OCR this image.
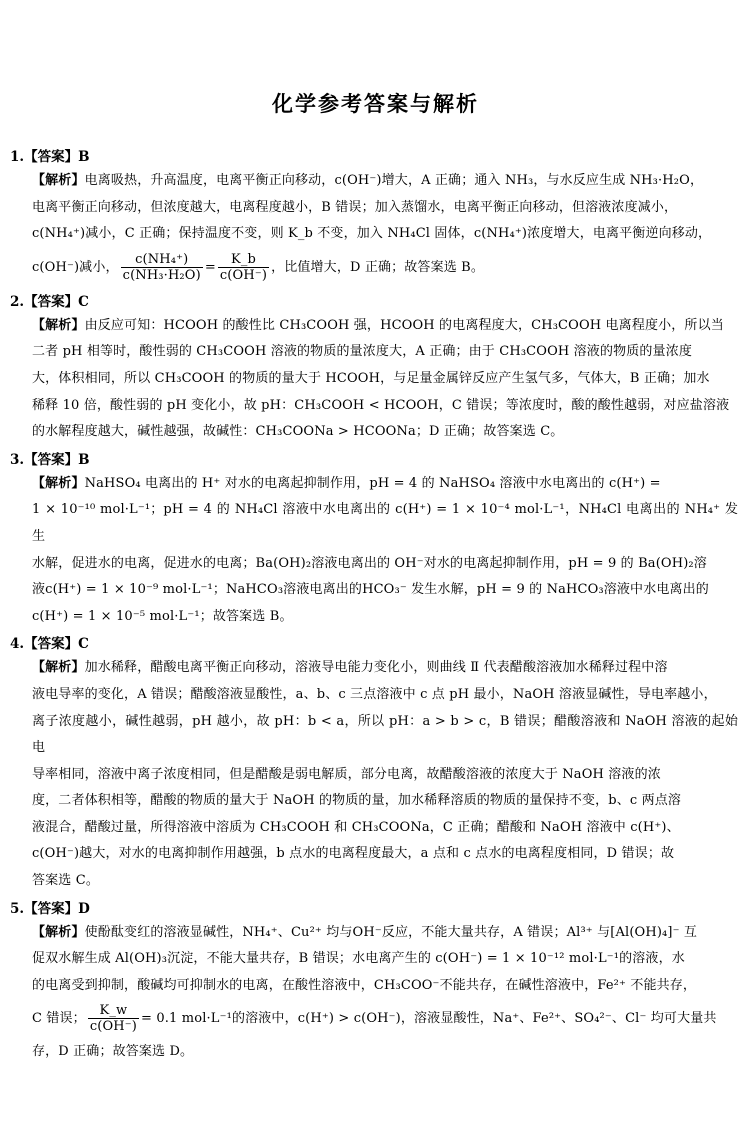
化学参考答案与解析
1.【答案】B
【解析】电离吸热，升高温度，电离平衡正向移动，c(OH⁻)增大，A 正确；通入 NH₃，与水反应生成 NH₃·H₂O，
电离平衡正向移动，但浓度越大，电离程度越小，B 错误；加入蒸馏水，电离平衡正向移动，但溶液浓度减小，
c(NH₄⁺)减小，C 正确；保持温度不变，则 K_b 不变，加入 NH₄Cl 固体，c(NH₄⁺)浓度增大，电离平衡逆向移动，
c(OH⁻)减小， $\frac{\text{c(NH₄⁺)}}{\text{c(NH₃·H₂O)}} = \frac{K\_b}{c(OH^-)}$ ，比值增大，D 正确；故答案选 B。
2.【答案】C
【解析】由反应可知：HCOOH 的酸性比 CH₃COOH 强，HCOOH 的电离程度大，CH₃COOH 电离程度小，所以当
二者 pH 相等时，酸性弱的 CH₃COOH 溶液的物质的量浓度大，A 正确；由于 CH₃COOH 溶液的物质的量浓度
大，体积相同，所以 CH₃COOH 的物质的量大于 HCOOH，与足量金属锌反应产生氢气多，气体大，B 正确；加水
稀释 10 倍，酸性弱的 pH 变化小，故 pH：CH₃COOH < HCOOH，C 错误；等浓度时，酸的酸性越弱，对应盐溶液
的水解程度越大，碱性越强，故碱性：CH₃COONa > HCOONa；D 正确；故答案选 C。
3.【答案】B
【解析】NaHSO₄ 电离出的 H⁺ 对水的电离起抑制作用，pH = 4 的 NaHSO₄ 溶液中水电离出的 c(H⁺) =
1 × 10⁻¹⁰ mol·L⁻¹；pH = 4 的 NH₄Cl 溶液中水电离出的 c(H⁺) = 1 × 10⁻⁴ mol·L⁻¹，NH₄Cl 电离出的 NH₄⁺ 发生
水解，促进水的电离，促进水的电离；Ba(OH)₂溶液电离出的 OH⁻对水的电离起抑制作用，pH = 9 的 Ba(OH)₂溶
液c(H⁺) = 1 × 10⁻⁹ mol·L⁻¹；NaHCO₃溶液电离出的HCO₃⁻ 发生水解，pH = 9 的 NaHCO₃溶液中水电离出的
c(H⁺) = 1 × 10⁻⁵ mol·L⁻¹；故答案选 B。
4.【答案】C
【解析】加水稀释，醋酸电离平衡正向移动，溶液导电能力变化小，则曲线 Ⅱ 代表醋酸溶液加水稀释过程中溶
液电导率的变化，A 错误；醋酸溶液显酸性，a、b、c 三点溶液中 c 点 pH 最小，NaOH 溶液显碱性，导电率越小，
离子浓度越小，碱性越弱，pH 越小，故 pH：b < a，所以 pH：a > b > c，B 错误；醋酸溶液和 NaOH 溶液的起始电
导率相同，溶液中离子浓度相同，但是醋酸是弱电解质，部分电离，故醋酸溶液的浓度大于 NaOH 溶液的浓
度，二者体积相等，醋酸的物质的量大于 NaOH 的物质的量，加水稀释溶质的物质的量保持不变，b、c 两点溶
液混合，醋酸过量，所得溶液中溶质为 CH₃COOH 和 CH₃COONa，C 正确；醋酸和 NaOH 溶液中 c(H⁺)、
c(OH⁻)越大，对水的电离抑制作用越强，b 点水的电离程度最大，a 点和 c 点水的电离程度相同，D 错误；故
答案选 C。
5.【答案】D
【解析】使酚酞变红的溶液显碱性，NH₄⁺、Cu²⁺ 均与OH⁻反应，不能大量共存，A 错误；Al³⁺ 与[Al(OH)₄]⁻ 互
促双水解生成 Al(OH)₃沉淀，不能大量共存，B 错误；水电离产生的 c(OH⁻) = 1 × 10⁻¹² mol·L⁻¹的溶液，水
的电离受到抑制，酸碱均可抑制水的电离，在酸性溶液中，CH₃COO⁻不能共存，在碱性溶液中，Fe²⁺ 不能共存，
C 错误； $\frac{K\_w}{c(OH^-)} = 0.1$ mol·L⁻¹的溶液中，c(H⁺) > c(OH⁻)，溶液显酸性，Na⁺、Fe²⁺、SO₄²⁻、Cl⁻ 均可大量共
存，D 正确；故答案选 D。
